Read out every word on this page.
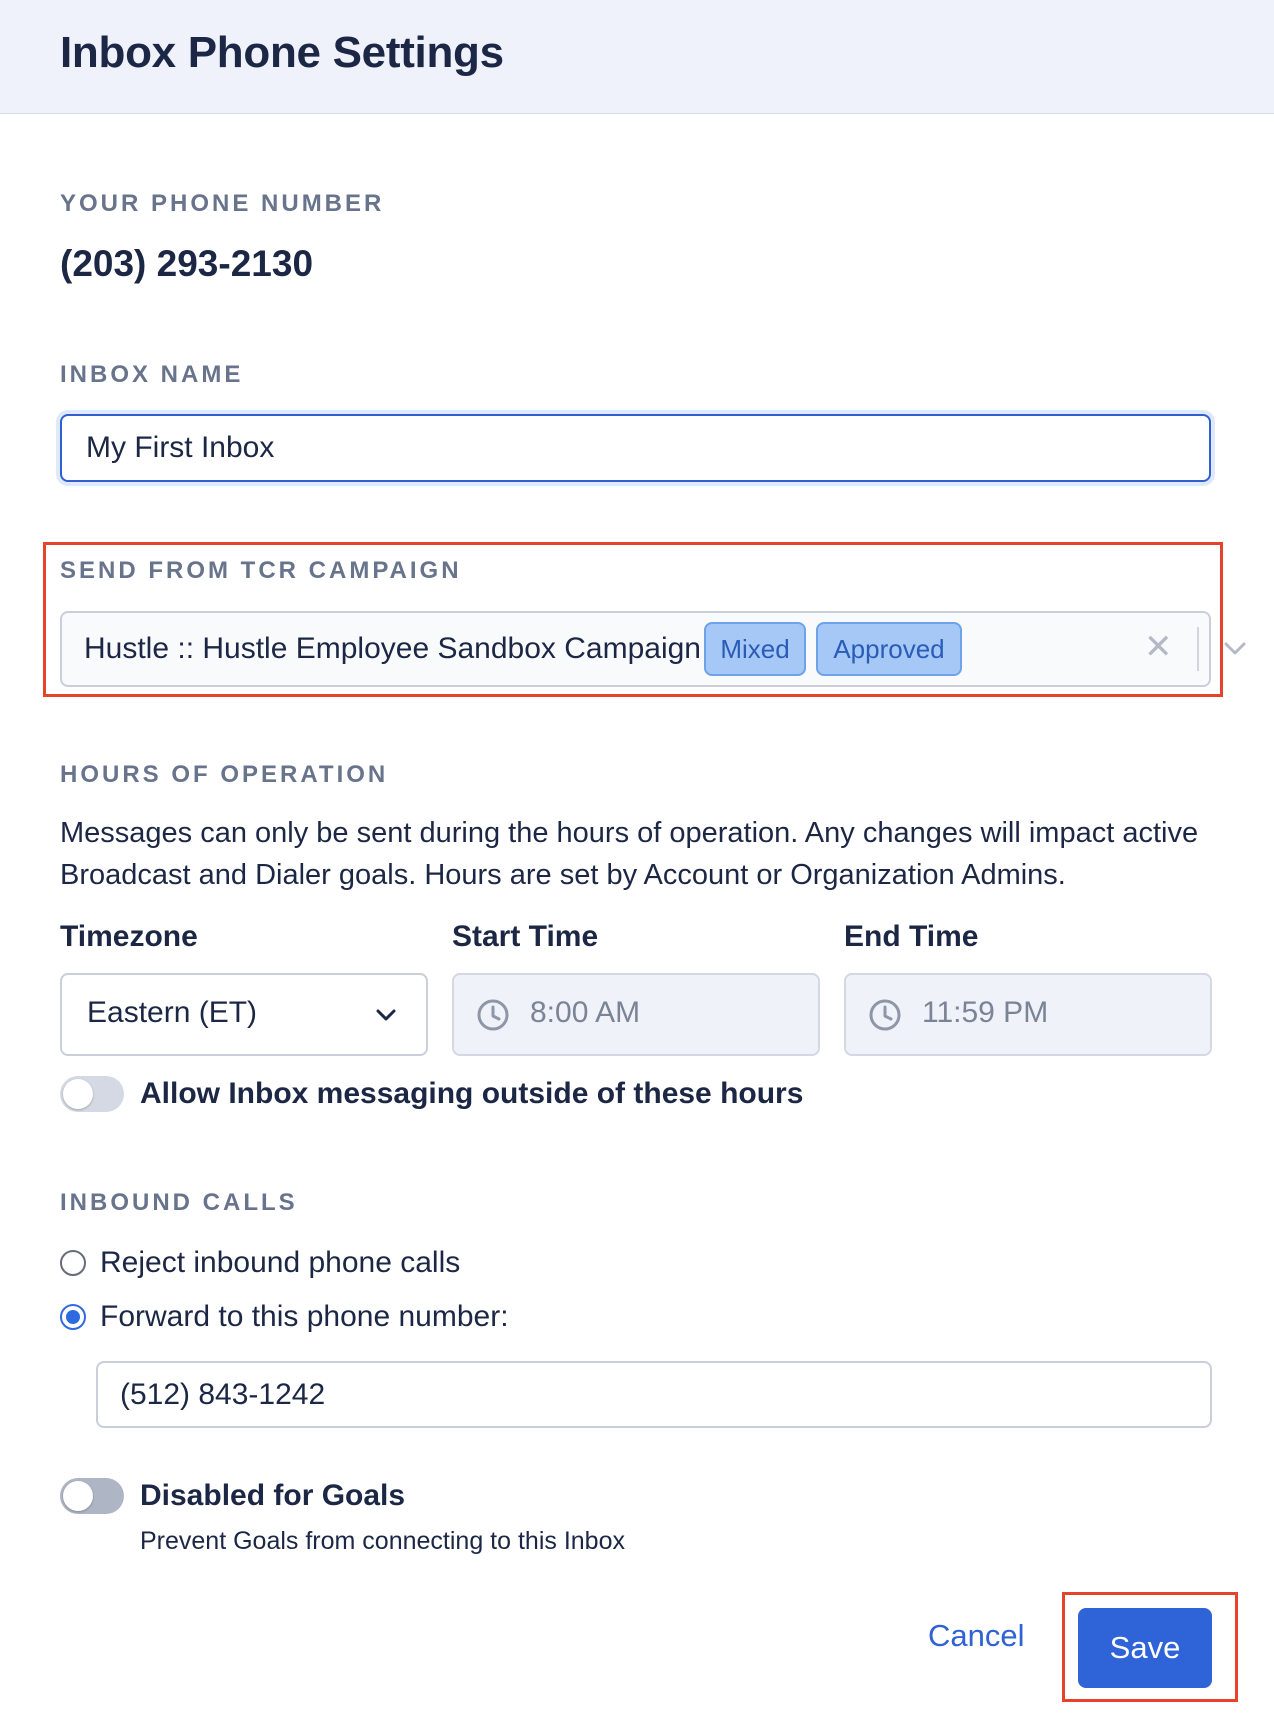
Inbox Phone Settings

YOUR PHONE NUMBER

(203) 293-2130

INBOX NAME

My First Inbox

SEND FROM TCR CAMPAIGN

Hustle :: Hustle Employee Sandbox Campaign Mixed	Approved	✕

HOURS OF OPERATION

Messages can only be sent during the hours of operation. Any changes will impact active Broadcast and Dialer goals. Hours are set by Account or Organization Admins.

Timezone	Start Time	End Time
Eastern (ET)	8:00 AM	11:59 PM
Allow Inbox messaging outside of these hours

INBOUND CALLS

Reject inbound phone calls
Forward to this phone number:
(512) 843-1242
Disabled for Goals
Prevent Goals from connecting to this Inbox
Cancel	Save
